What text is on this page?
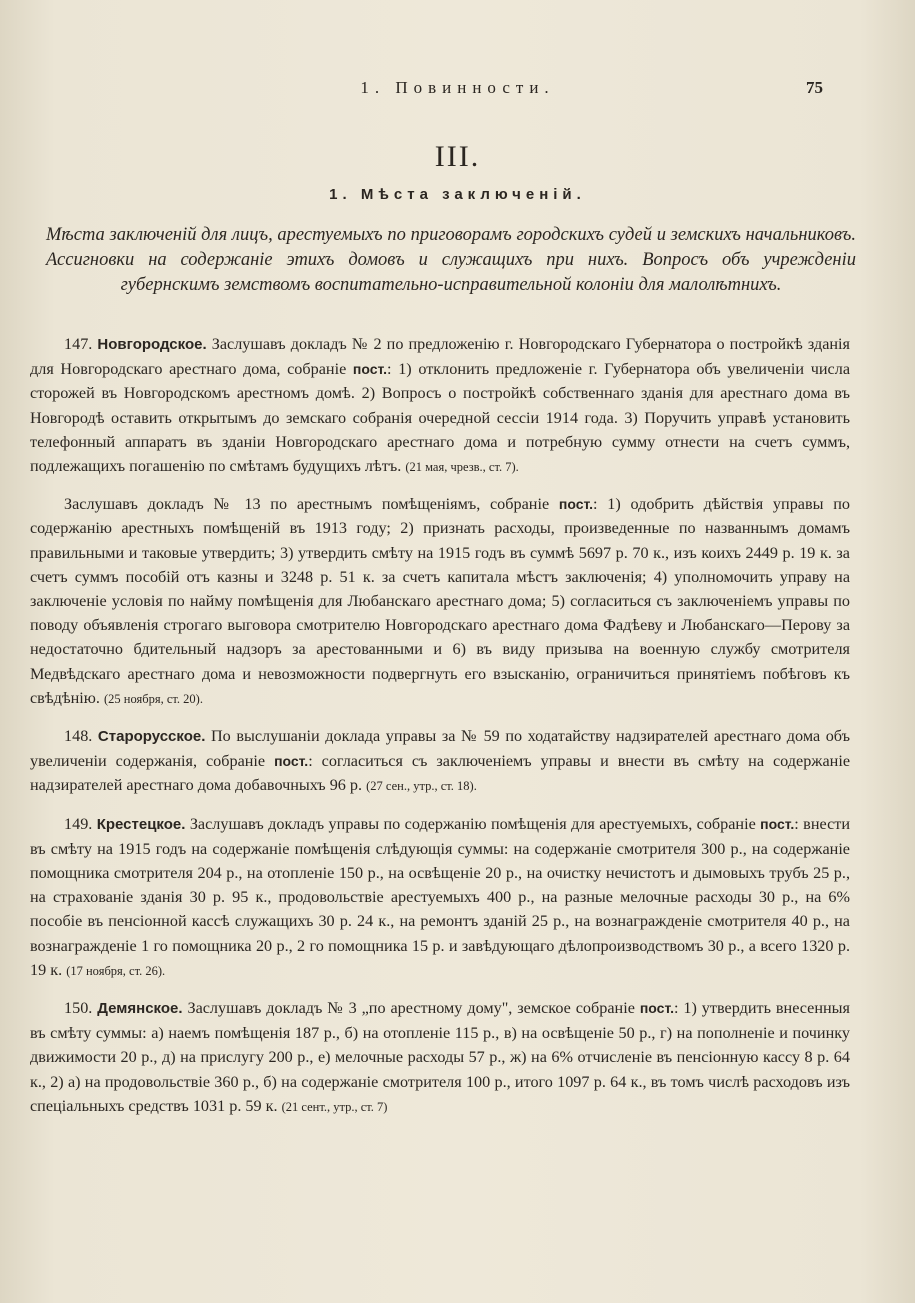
1. Повинности.	75
III.
1. Мѣста заключеній.
Мѣста заключеній для лицъ, арестуемыхъ по приговорамъ городскихъ судей и земскихъ начальниковъ. Ассигновки на содержаніе этихъ домовъ и служащихъ при нихъ. Вопросъ объ учрежденіи губернскимъ земствомъ воспитательно-исправительной колоніи для малолѣтнихъ.

147. Новгородское. Заслушавъ докладъ № 2 по предложенію г. Новгородскаго Губернатора о постройкѣ зданія для Новгородскаго арестнаго дома, собраніе пост.: 1) отклонить предложеніе г. Губернатора объ увеличеніи числа сторожей въ Новгородскомъ арестномъ домѣ. 2) Вопросъ о постройкѣ собственнаго зданія для арестнаго дома въ Новгородѣ оставить открытымъ до земскаго собранія очередной сессіи 1914 года. 3) Поручить управѣ установить телефонный аппаратъ въ зданіи Новгородскаго арестнаго дома и потребную сумму отнести на счетъ суммъ, подлежащихъ погашенію по смѣтамъ будущихъ лѣтъ. (21 мая, чрезв., ст. 7).

Заслушавъ докладъ № 13 по арестнымъ помѣщеніямъ, собраніе пост.: 1) одобрить дѣйствія управы по содержанію арестныхъ помѣщеній въ 1913 году; 2) признать расходы, произведенные по названнымъ домамъ правильными и таковые утвердить; 3) утвердить смѣту на 1915 годъ въ суммѣ 5697 р. 70 к., изъ коихъ 2449 р. 19 к. за счетъ суммъ пособій отъ казны и 3248 р. 51 к. за счетъ капитала мѣстъ заключенія; 4) уполномочить управу на заключеніе условія по найму помѣщенія для Любанскаго арестнаго дома; 5) согласиться съ заключеніемъ управы по поводу объявленія строгаго выговора смотрителю Новгородскаго арестнаго дома Фадѣеву и Любанскаго—Перову за недостаточно бдительный надзоръ за арестованными и 6) въ виду призыва на военную службу смотрителя Медвѣдскаго арестнаго дома и невозможности подвергнуть его взысканію, ограничиться принятіемъ побѣговъ къ свѣдѣнію. (25 ноября, ст. 20).

148. Старорусское. По выслушаніи доклада управы за № 59 по ходатайству надзирателей арестнаго дома объ увеличеніи содержанія, собраніе пост.: согласиться съ заключеніемъ управы и внести въ смѣту на содержаніе надзирателей арестнаго дома добавочныхъ 96 р. (27 сен., утр., ст. 18).

149. Крестецкое. Заслушавъ докладъ управы по содержанію помѣщенія для арестуемыхъ, собраніе пост.: внести въ смѣту на 1915 годъ на содержаніе помѣщенія слѣдующія суммы: на содержаніе смотрителя 300 р., на содержаніе помощника смотрителя 204 р., на отопленіе 150 р., на освѣщеніе 20 р., на очистку нечистотъ и дымовыхъ трубъ 25 р., на страхованіе зданія 30 р. 95 к., продовольствіе арестуемыхъ 400 р., на разные мелочные расходы 30 р., на 6% пособіе въ пенсіонной кассѣ служащихъ 30 р. 24 к., на ремонтъ зданій 25 р., на вознагражденіе смотрителя 40 р., на вознагражденіе 1 го помощника 20 р., 2 го помощника 15 р. и завѣдующаго дѣлопроизводствомъ 30 р., а всего 1320 р. 19 к. (17 ноября, ст. 26).

150. Демянское. Заслушавъ докладъ № 3 „по арестному дому", земское собраніе пост.: 1) утвердить внесенныя въ смѣту суммы: а) наемъ помѣщенія 187 р., б) на отопленіе 115 р., в) на освѣщеніе 50 р., г) на пополненіе и починку движимости 20 р., д) на прислугу 200 р., е) мелочные расходы 57 р., ж) на 6% отчисленіе въ пенсіонную кассу 8 р. 64 к., 2) а) на продовольствіе 360 р., б) на содержаніе смотрителя 100 р., итого 1097 р. 64 к., въ томъ числѣ расходовъ изъ спеціальныхъ средствъ 1031 р. 59 к. (21 сент., утр., ст. 7)
